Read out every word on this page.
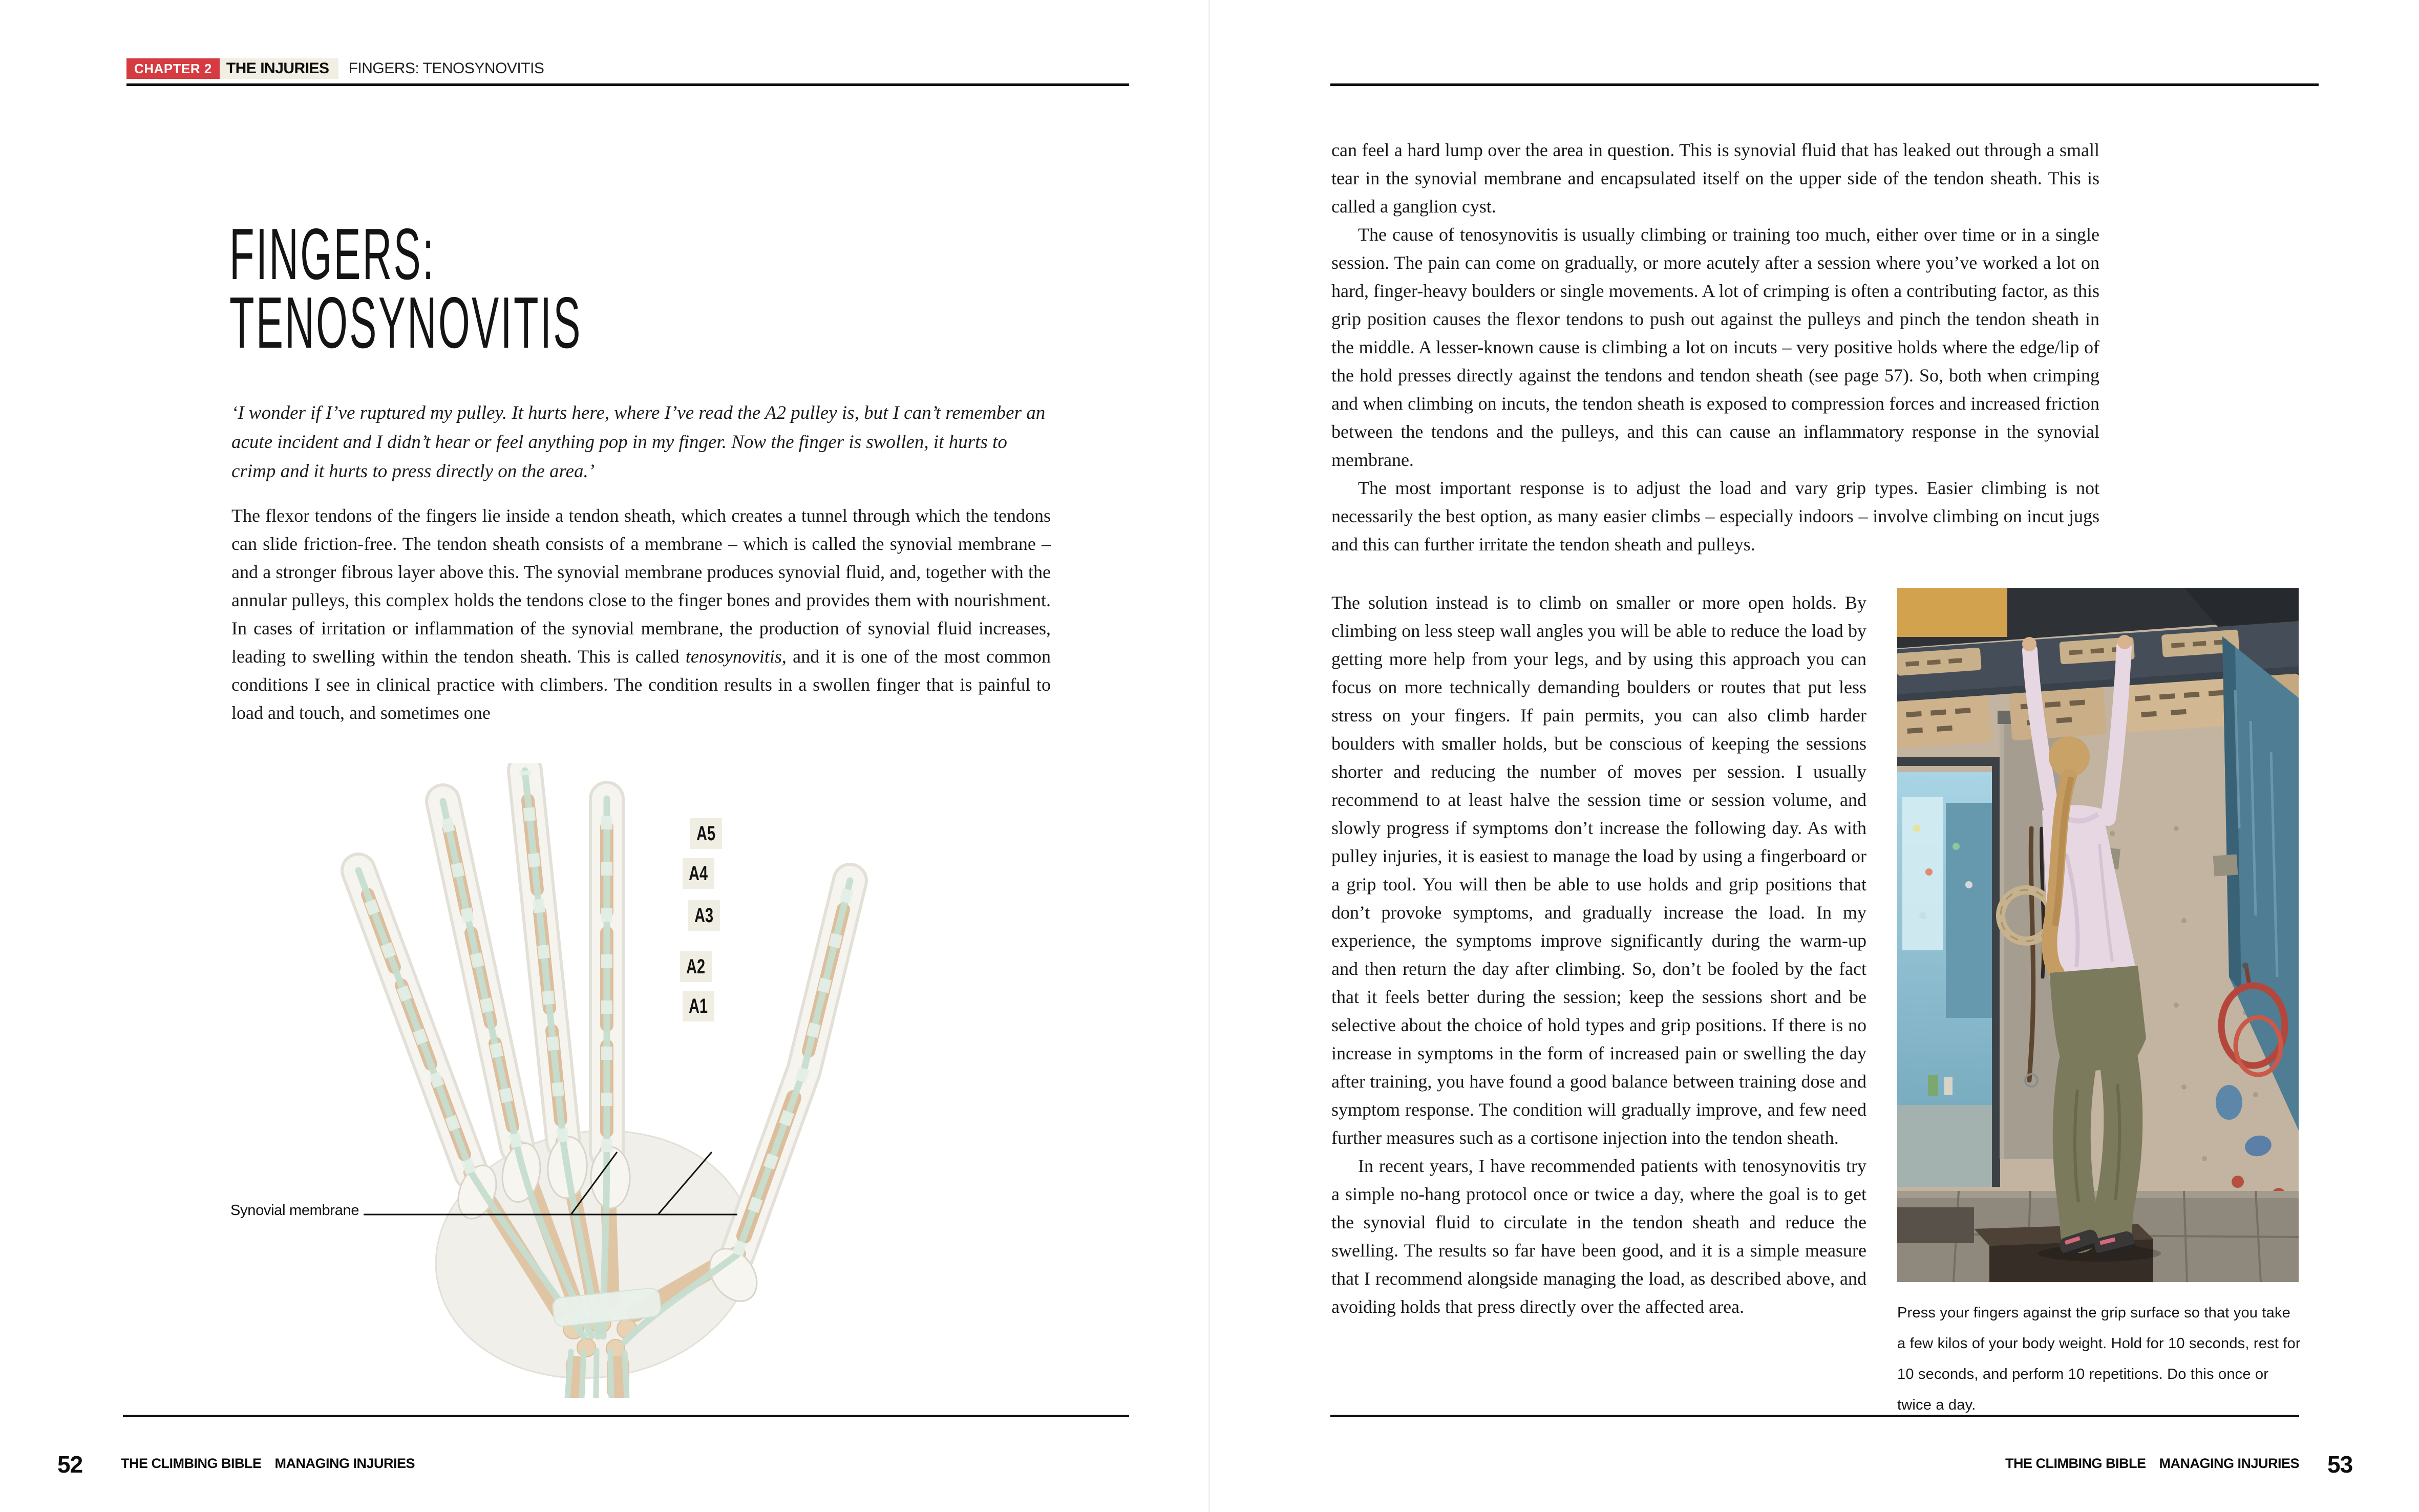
CHAPTER 2 THE INJURIES	FINGERS: TENOSYNOVITIS
FINGERS:
TENOSYNOVITIS
‘I wonder if I’ve ruptured my pulley. It hurts here, where I’ve read the A2 pulley is, but I can’t remember an acute incident and I didn’t hear or feel anything pop in my finger. Now the finger is swollen, it hurts to crimp and it hurts to press directly on the area.’

The flexor tendons of the fingers lie inside a tendon sheath, which creates a tunnel through which the tendons can slide friction-free. The tendon sheath consists of a membrane – which is called the synovial membrane – and a stronger fibrous layer above this. The synovial membrane produces synovial fluid, and, together with the annular pulleys, this complex holds the tendons close to the finger bones and provides them with nourishment. In cases of irritation or inflammation of the synovial membrane, the production of synovial fluid increases, leading to swelling within the tendon sheath. This is called tenosynovitis, and it is one of the most common conditions I see in clinical practice with climbers. The condition results in a swollen finger that is painful to load and touch, and sometimes one

A5
A4
A3
A2
A1
Synovial membrane

can feel a hard lump over the area in question. This is synovial fluid that has leaked out through a small tear in the synovial membrane and encapsulated itself on the upper side of the tendon sheath. This is called a ganglion cyst.

The cause of tenosynovitis is usually climbing or training too much, either over time or in a single session. The pain can come on gradually, or more acutely after a session where you’ve worked a lot on hard, finger-heavy boulders or single movements. A lot of crimping is often a contributing factor, as this grip position causes the flexor tendons to push out against the pulleys and pinch the tendon sheath in the middle. A lesser-known cause is climbing a lot on incuts – very positive holds where the edge/lip of the hold presses directly against the tendons and tendon sheath (see page 57). So, both when crimping and when climbing on incuts, the tendon sheath is exposed to compression forces and increased friction between the tendons and the pulleys, and this can cause an inflammatory response in the synovial membrane.

The most important response is to adjust the load and vary grip types. Easier climbing is not necessarily the best option, as many easier climbs – especially indoors – involve climbing on incut jugs and this can further irritate the tendon sheath and pulleys.

The solution instead is to climb on smaller or more open holds. By climbing on less steep wall angles you will be able to reduce the load by getting more help from your legs, and by using this approach you can focus on more technically demanding boulders or routes that put less stress on your fingers. If pain permits, you can also climb harder boulders with smaller holds, but be conscious of keeping the sessions shorter and reducing the number of moves per session. I usually recommend to at least halve the session time or session volume, and slowly progress if symptoms don’t increase the following day. As with pulley injuries, it is easiest to manage the load by using a fingerboard or a grip tool. You will then be able to use holds and grip positions that don’t provoke symptoms, and gradually increase the load. In my experience, the symptoms improve significantly during the warm-up and then return the day after climbing. So, don’t be fooled by the fact that it feels better during the session; keep the sessions short and be selective about the choice of hold types and grip positions. If there is no increase in symptoms in the form of increased pain or swelling the day after training, you have found a good balance between training dose and symptom response. The condition will gradually improve, and few need further measures such as a cortisone injection into the tendon sheath.

In recent years, I have recommended patients with tenosynovitis try a simple no-hang protocol once or twice a day, where the goal is to get the synovial fluid to circulate in the tendon sheath and reduce the swelling. The results so far have been good, and it is a simple measure that I recommend alongside managing the load, as described above, and avoiding holds that press directly over the affected area.	Press your fingers against the grip surface so that you take a few kilos of your body weight. Hold for 10 seconds, rest for 10 seconds, and perform 10 repetitions. Do this once or twice a day.
52	THE CLIMBING BIBLE MANAGING INJURIES	THE CLIMBING BIBLE MANAGING INJURIES 53
